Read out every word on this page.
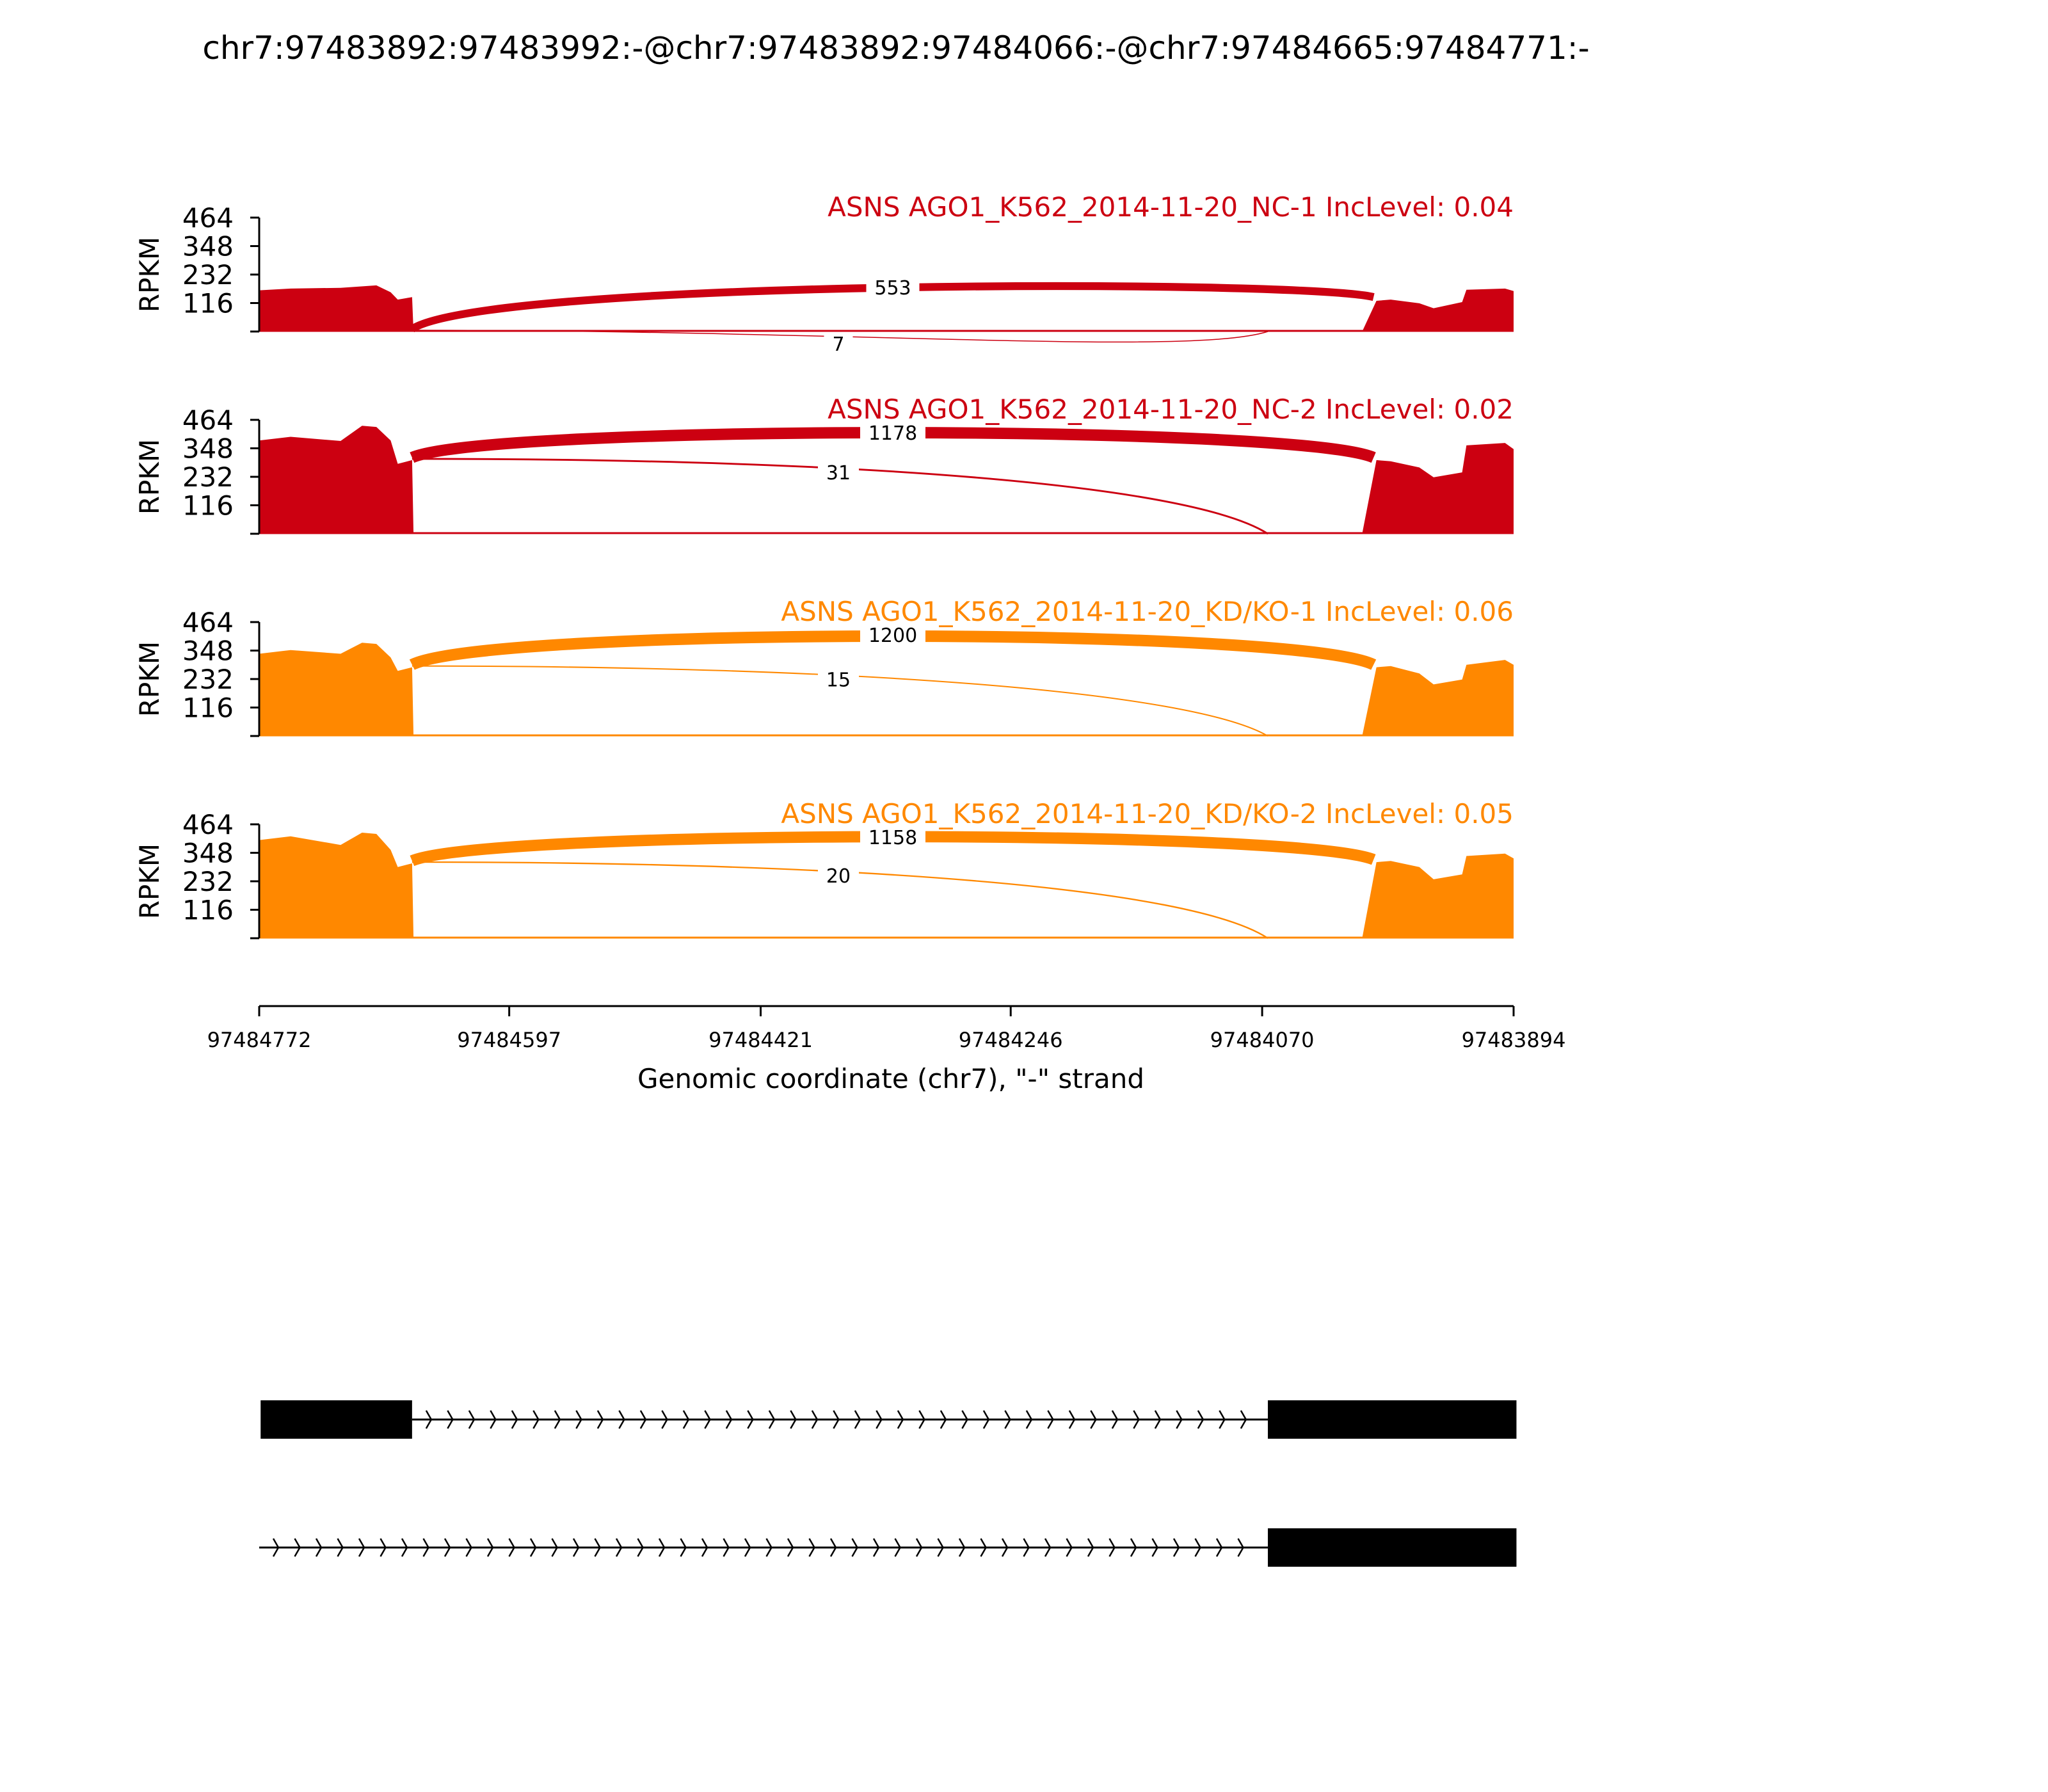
chr7:97483892:97483992:-@chr7:97483892:97484066:-@chr7:97484665:97484771:-
553
7
116
232
348
464
RPKM
ASNS AGO1_K562_2014-11-20_NC-1 IncLevel: 0.04
1178
31
116
232
348
464
RPKM
ASNS AGO1_K562_2014-11-20_NC-2 IncLevel: 0.02
1200
15
116
232
348
464
RPKM
ASNS AGO1_K562_2014-11-20_KD/KO-1 IncLevel: 0.06
1158
20
116
232
348
464
RPKM
ASNS AGO1_K562_2014-11-20_KD/KO-2 IncLevel: 0.05
97484772	97484597	97484421	97484246	97484070	97483894
Genomic coordinate (chr7), "-" strand
